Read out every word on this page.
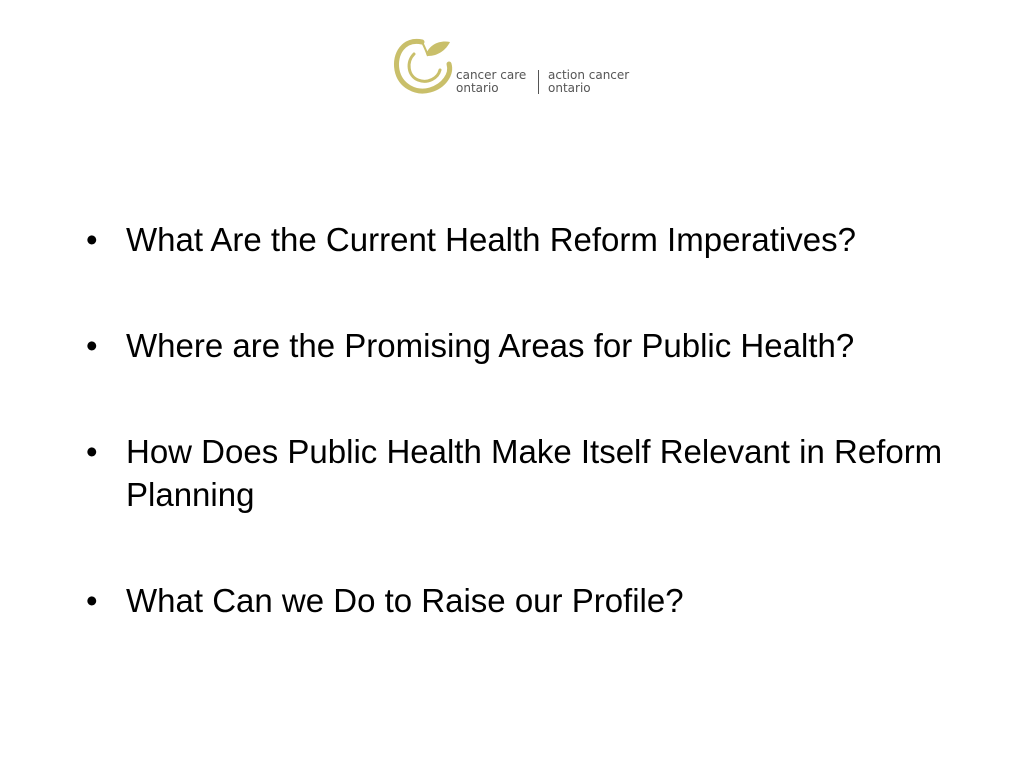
cancer care
ontario
action cancer
ontario
• What Are the Current Health Reform Imperatives?
• Where are the Promising Areas for Public Health?
• How Does Public Health Make Itself Relevant in Reform Planning
• What Can we Do to Raise our Profile?
